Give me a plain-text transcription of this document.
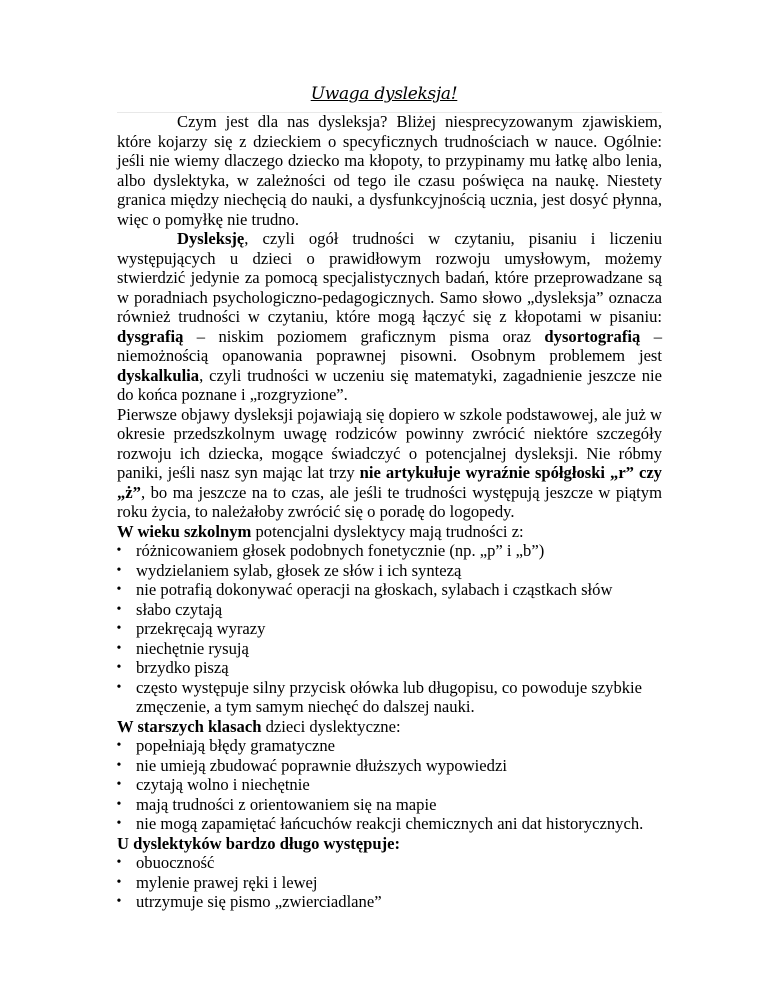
Uwaga dysleksja!

Czym jest dla nas dysleksja? Bliżej niesprecyzowanym zjawiskiem, które kojarzy się z dzieckiem o specyficznych trudnościach w nauce. Ogólnie: jeśli nie wiemy dlaczego dziecko ma kłopoty, to przypinamy mu łatkę albo lenia, albo dyslektyka, w zależności od tego ile czasu poświęca na naukę. Niestety granica między niechęcią do nauki, a dysfunkcyjnością ucznia, jest dosyć płynna, więc o pomyłkę nie trudno.

Dysleksję, czyli ogół trudności w czytaniu, pisaniu i liczeniu występujących u dzieci o prawidłowym rozwoju umysłowym, możemy stwierdzić jedynie za pomocą specjalistycznych badań, które przeprowadzane są w poradniach psychologiczno-pedagogicznych. Samo słowo „dysleksja” oznacza również trudności w czytaniu, które mogą łączyć się z kłopotami w pisaniu: dysgrafią – niskim poziomem graficznym pisma oraz dysortografią – niemożnością opanowania poprawnej pisowni. Osobnym problemem jest dyskalkulia, czyli trudności w uczeniu się matematyki, zagadnienie jeszcze nie do końca poznane i „rozgryzione”.

Pierwsze objawy dysleksji pojawiają się dopiero w szkole podstawowej, ale już w okresie przedszkolnym uwagę rodziców powinny zwrócić niektóre szczegóły rozwoju ich dziecka, mogące świadczyć o potencjalnej dysleksji. Nie róbmy paniki, jeśli nasz syn mając lat trzy nie artykułuje wyraźnie spółgłoski „r” czy „ż”, bo ma jeszcze na to czas, ale jeśli te trudności występują jeszcze w piątym roku życia, to należałoby zwrócić się o poradę do logopedy.

W wieku szkolnym potencjalni dyslektycy mają trudności z:

• różnicowaniem głosek podobnych fonetycznie (np. „p” i „b”)
• wydzielaniem sylab, głosek ze słów i ich syntezą
• nie potrafią dokonywać operacji na głoskach, sylabach i cząstkach słów
• słabo czytają
• przekręcają wyrazy
• niechętnie rysują
• brzydko piszą
• często występuje silny przycisk ołówka lub długopisu, co powoduje szybkie zmęczenie, a tym samym niechęć do dalszej nauki.

W starszych klasach dzieci dyslektyczne:

• popełniają błędy gramatyczne
• nie umieją zbudować poprawnie dłuższych wypowiedzi
• czytają wolno i niechętnie
• mają trudności z orientowaniem się na mapie
• nie mogą zapamiętać łańcuchów reakcji chemicznych ani dat historycznych.

U dyslektyków bardzo długo występuje:

• obuoczność
• mylenie prawej ręki i lewej
• utrzymuje się pismo „zwierciadlane”
